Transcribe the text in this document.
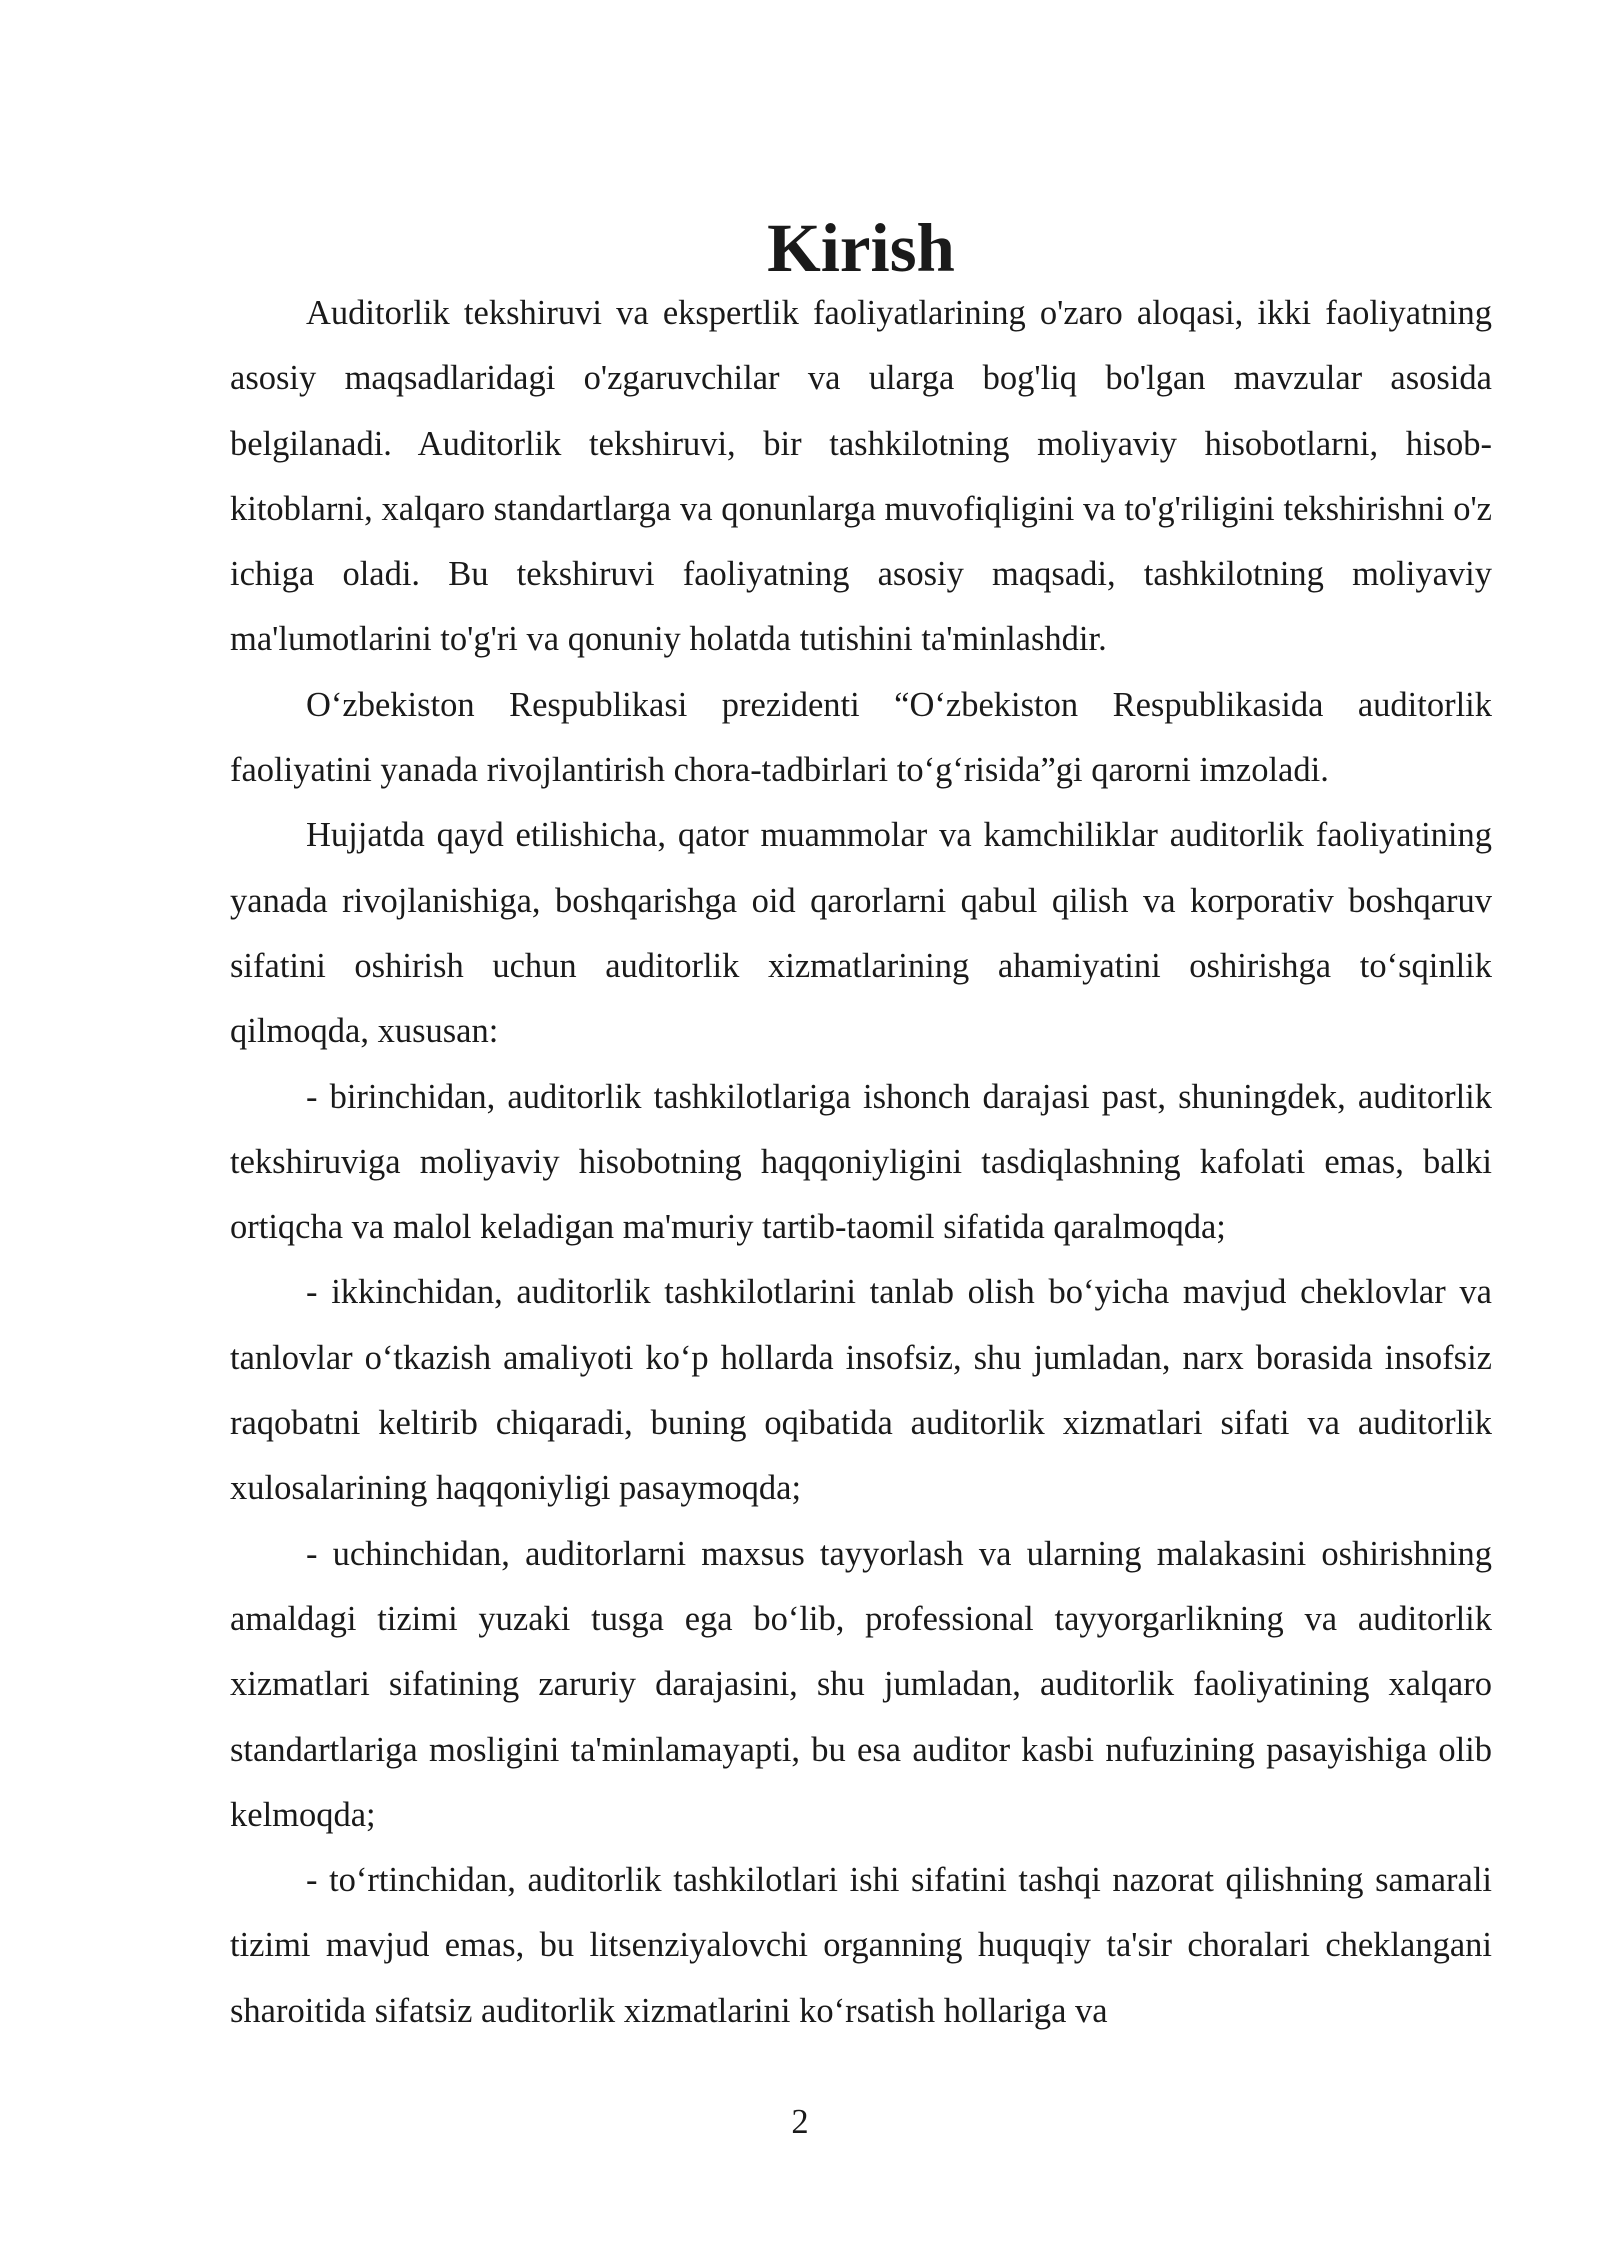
Kirish

Auditorlik tekshiruvi va ekspertlik faoliyatlarining o'zaro aloqasi, ikki faoliyatning asosiy maqsadlaridagi o'zgaruvchilar va ularga bog'liq bo'lgan mavzular asosida belgilanadi. Auditorlik tekshiruvi, bir tashkilotning moliyaviy hisobotlarni, hisob-kitoblarni, xalqaro standartlarga va qonunlarga muvofiqligini va to'g'riligini tekshirishni o'z ichiga oladi. Bu tekshiruvi faoliyatning asosiy maqsadi, tashkilotning moliyaviy ma'lumotlarini to'g'ri va qonuniy holatda tutishini ta'minlashdir.

O‘zbekiston Respublikasi prezidenti “O‘zbekiston Respublikasida auditorlik faoliyatini yanada rivojlantirish chora-tadbirlari to‘g‘risida”gi qarorni imzoladi.

Hujjatda qayd etilishicha, qator muammolar va kamchiliklar auditorlik faoliyatining yanada rivojlanishiga, boshqarishga oid qarorlarni qabul qilish va korporativ boshqaruv sifatini oshirish uchun auditorlik xizmatlarining ahamiyatini oshirishga to‘sqinlik qilmoqda, xususan:

- birinchidan, auditorlik tashkilotlariga ishonch darajasi past, shuningdek, auditorlik tekshiruviga moliyaviy hisobotning haqqoniyligini tasdiqlashning kafolati emas, balki ortiqcha va malol keladigan ma'muriy tartib-taomil sifatida qaralmoqda;

- ikkinchidan, auditorlik tashkilotlarini tanlab olish bo‘yicha mavjud cheklovlar va tanlovlar o‘tkazish amaliyoti ko‘p hollarda insofsiz, shu jumladan, narx borasida insofsiz raqobatni keltirib chiqaradi, buning oqibatida auditorlik xizmatlari sifati va auditorlik xulosalarining haqqoniyligi pasaymoqda;

- uchinchidan, auditorlarni maxsus tayyorlash va ularning malakasini oshirishning amaldagi tizimi yuzaki tusga ega bo‘lib, professional tayyorgarlikning va auditorlik xizmatlari sifatining zaruriy darajasini, shu jumladan, auditorlik faoliyatining xalqaro standartlariga mosligini ta'minlamayapti, bu esa auditor kasbi nufuzining pasayishiga olib kelmoqda;

- to‘rtinchidan, auditorlik tashkilotlari ishi sifatini tashqi nazorat qilishning samarali tizimi mavjud emas, bu litsenziyalovchi organning huquqiy ta'sir choralari cheklangani sharoitida sifatsiz auditorlik xizmatlarini ko‘rsatish hollariga va

2
